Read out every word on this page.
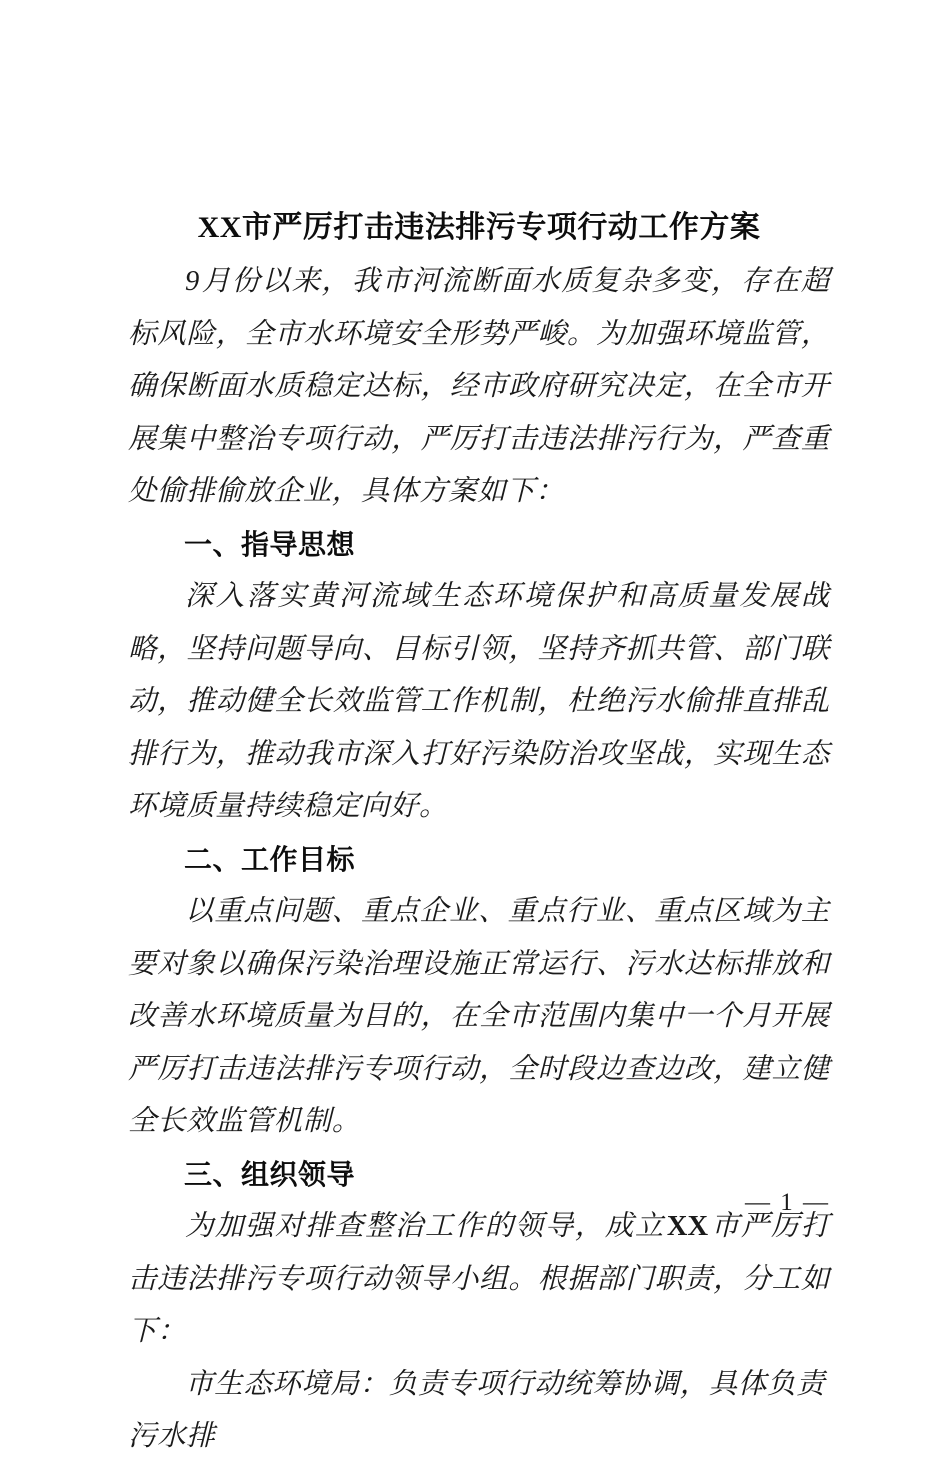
XX市严厉打击违法排污专项行动工作方案

9月份以来，我市河流断面水质复杂多变，存在超标风险，全市水环境安全形势严峻。为加强环境监管，确保断面水质稳定达标，经市政府研究决定，在全市开展集中整治专项行动，严厉打击违法排污行为，严查重处偷排偷放企业，具体方案如下：

一、指导思想

深入落实黄河流域生态环境保护和高质量发展战略，坚持问题导向、目标引领，坚持齐抓共管、部门联动，推动健全长效监管工作机制，杜绝污水偷排直排乱排行为，推动我市深入打好污染防治攻坚战，实现生态环境质量持续稳定向好。

二、工作目标

以重点问题、重点企业、重点行业、重点区域为主要对象以确保污染治理设施正常运行、污水达标排放和改善水环境质量为目的，在全市范围内集中一个月开展严厉打击违法排污专项行动，全时段边查边改，建立健全长效监管机制。

三、组织领导

为加强对排查整治工作的领导，成立XX市严厉打击违法排污专项行动领导小组。根据部门职责，分工如下：

市生态环境局：负责专项行动统筹协调，具体负责污水排

— 1 —
